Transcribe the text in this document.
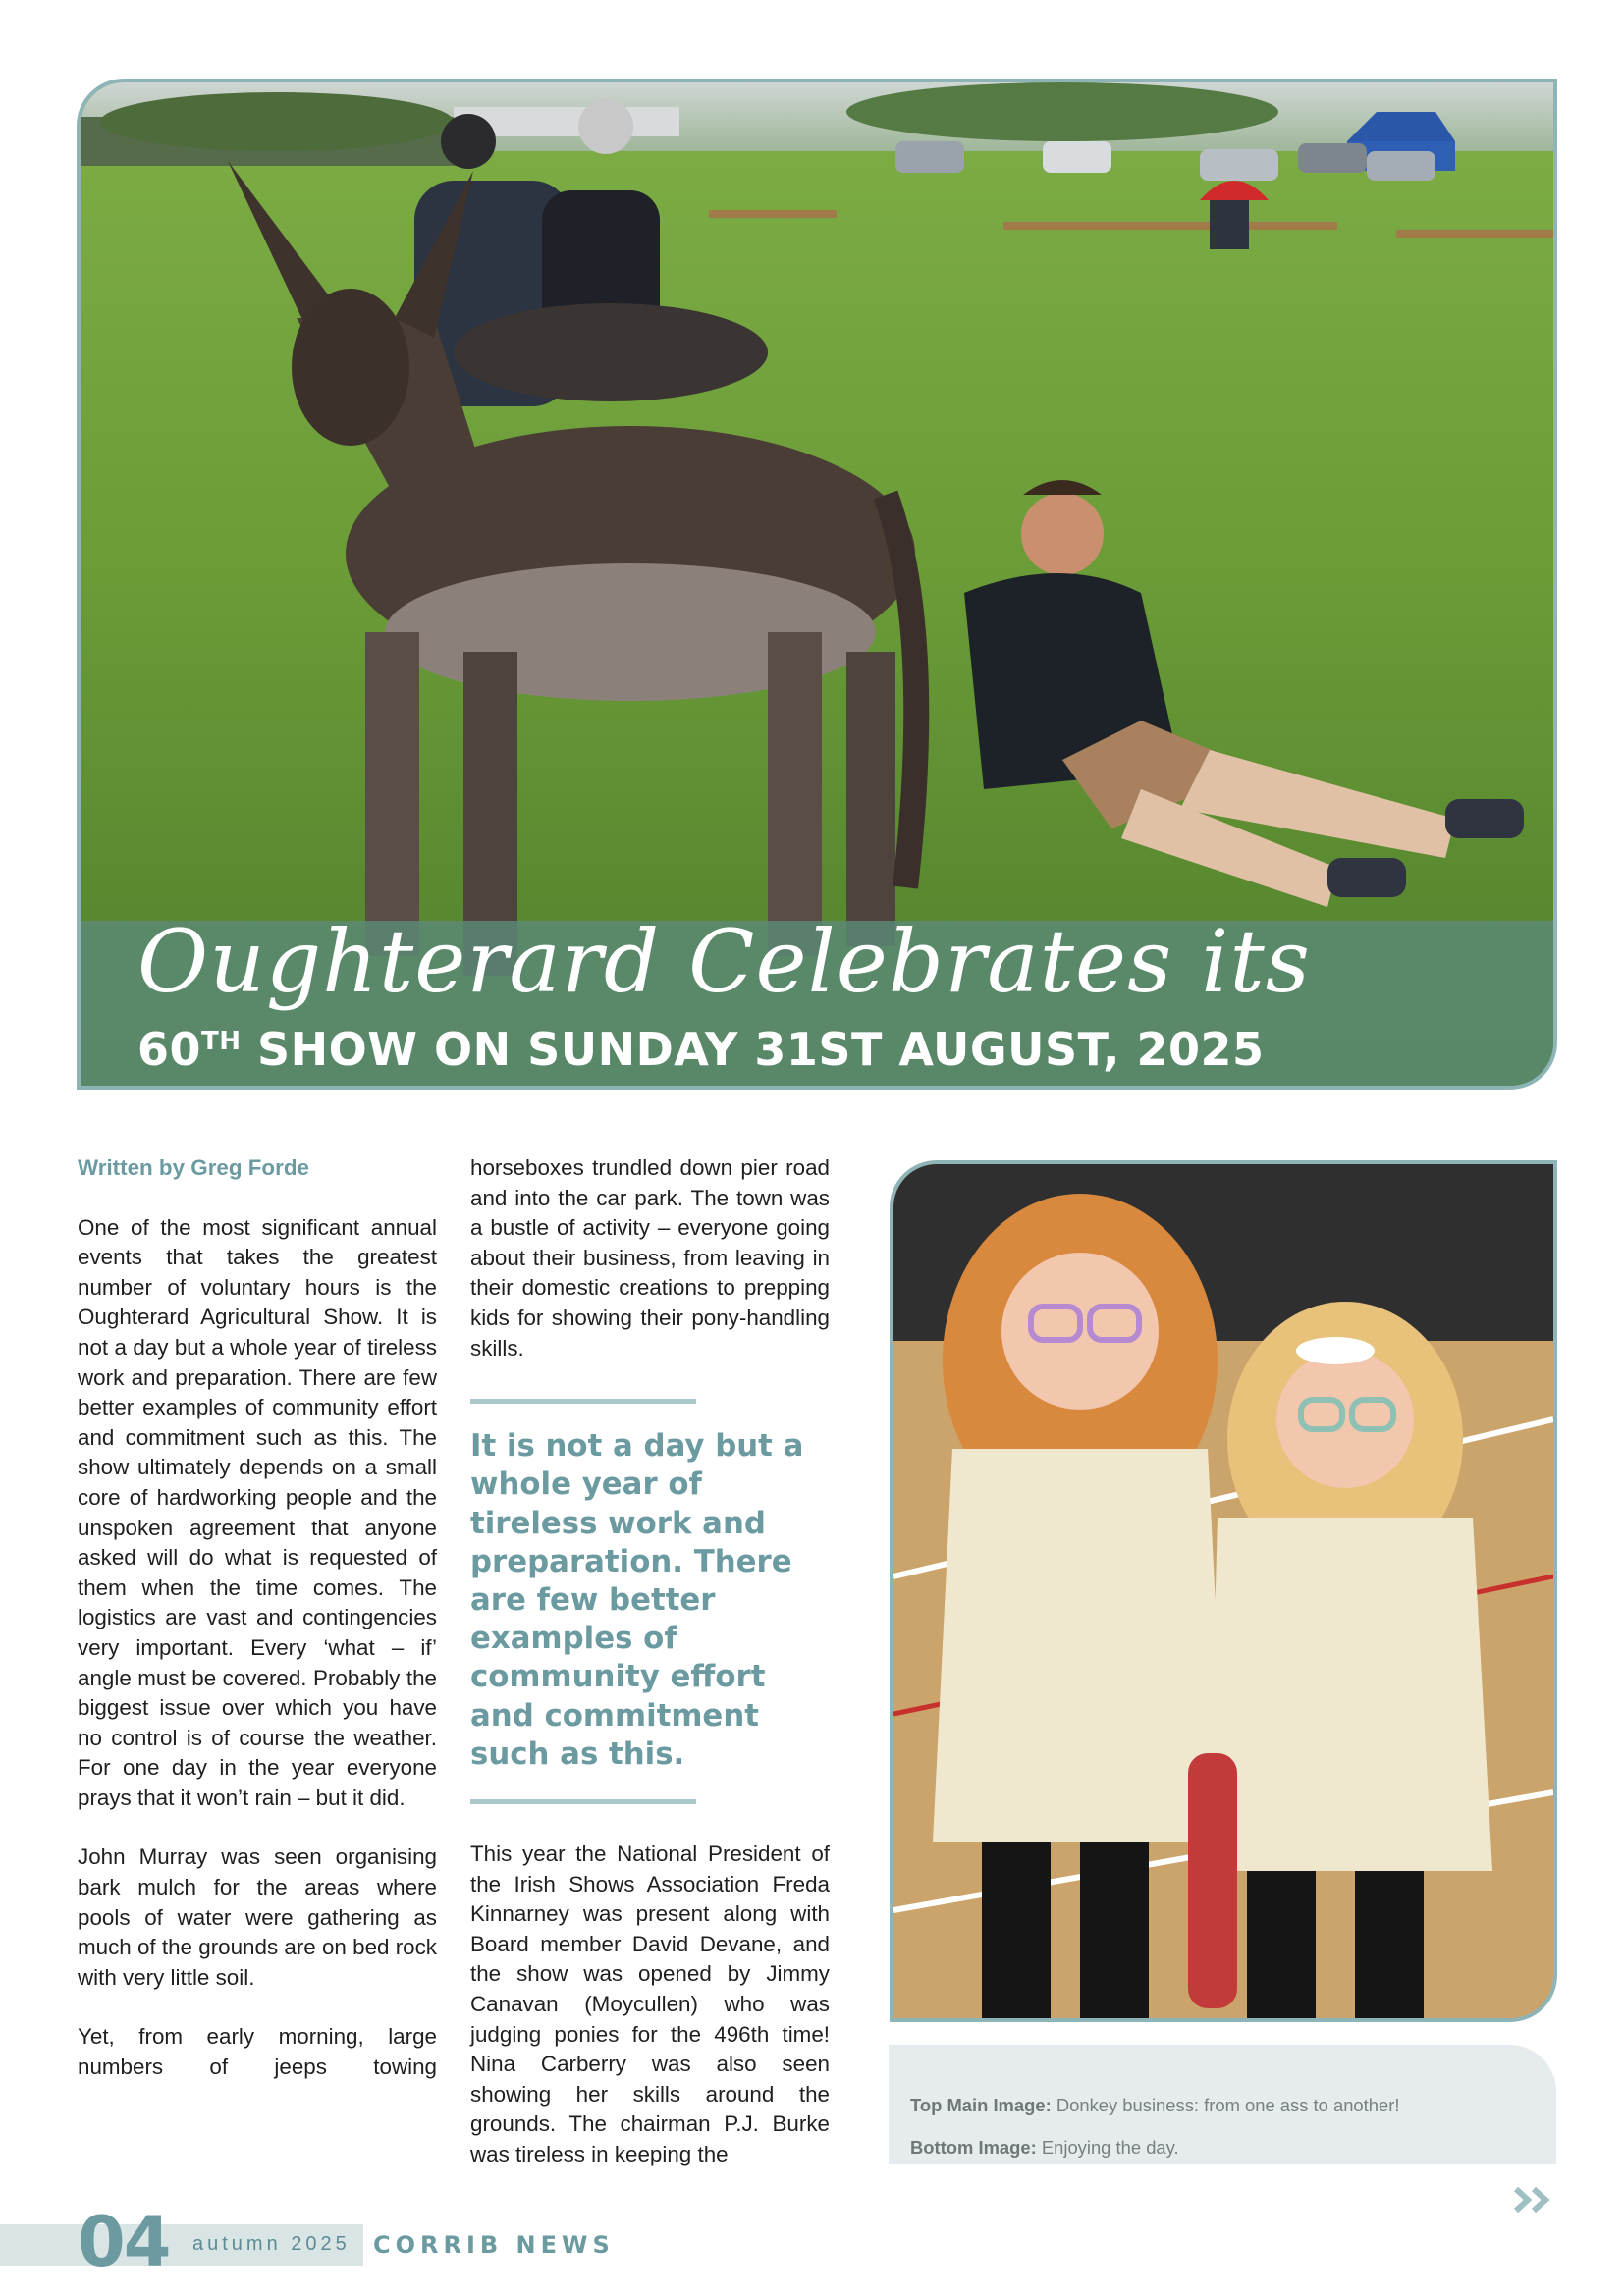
Oughterard Celebrates its
60TH SHOW ON SUNDAY 31ST AUGUST, 2025
Written by Greg Forde

One of the most significant annual events that takes the greatest number of voluntary hours is the Oughterard Agricultural Show. It is not a day but a whole year of tireless work and preparation. There are few better examples of community effort and commitment such as this. The show ultimately depends on a small core of hardworking people and the unspoken agreement that anyone asked will do what is requested of them when the time comes. The logistics are vast and contingencies very important. Every ‘what – if’ angle must be covered. Probably the biggest issue over which you have no control is of course the weather. For one day in the year everyone prays that it won’t rain – but it did.

John Murray was seen organising bark mulch for the areas where pools of water were gathering as much of the grounds are on bed rock with very little soil.

Yet, from early morning, large numbers of jeeps towing

horseboxes trundled down pier road and into the car park. The town was a bustle of activity – everyone going about their business, from leaving in their domestic creations to prepping kids for showing their pony-handling skills.

It is not a day but a whole year of tireless work and preparation. There are few better examples of community effort and commitment such as this.

This year the National President of the Irish Shows Association Freda Kinnarney was present along with Board member David Devane, and the show was opened by Jimmy Canavan (Moycullen) who was judging ponies for the 496th time! Nina Carberry was also seen showing her skills around the grounds. The chairman P.J. Burke was tireless in keeping the

Top Main Image: Donkey business: from one ass to another!
Bottom Image: Enjoying the day.
04 autumn 2025 CORRIB NEWS
